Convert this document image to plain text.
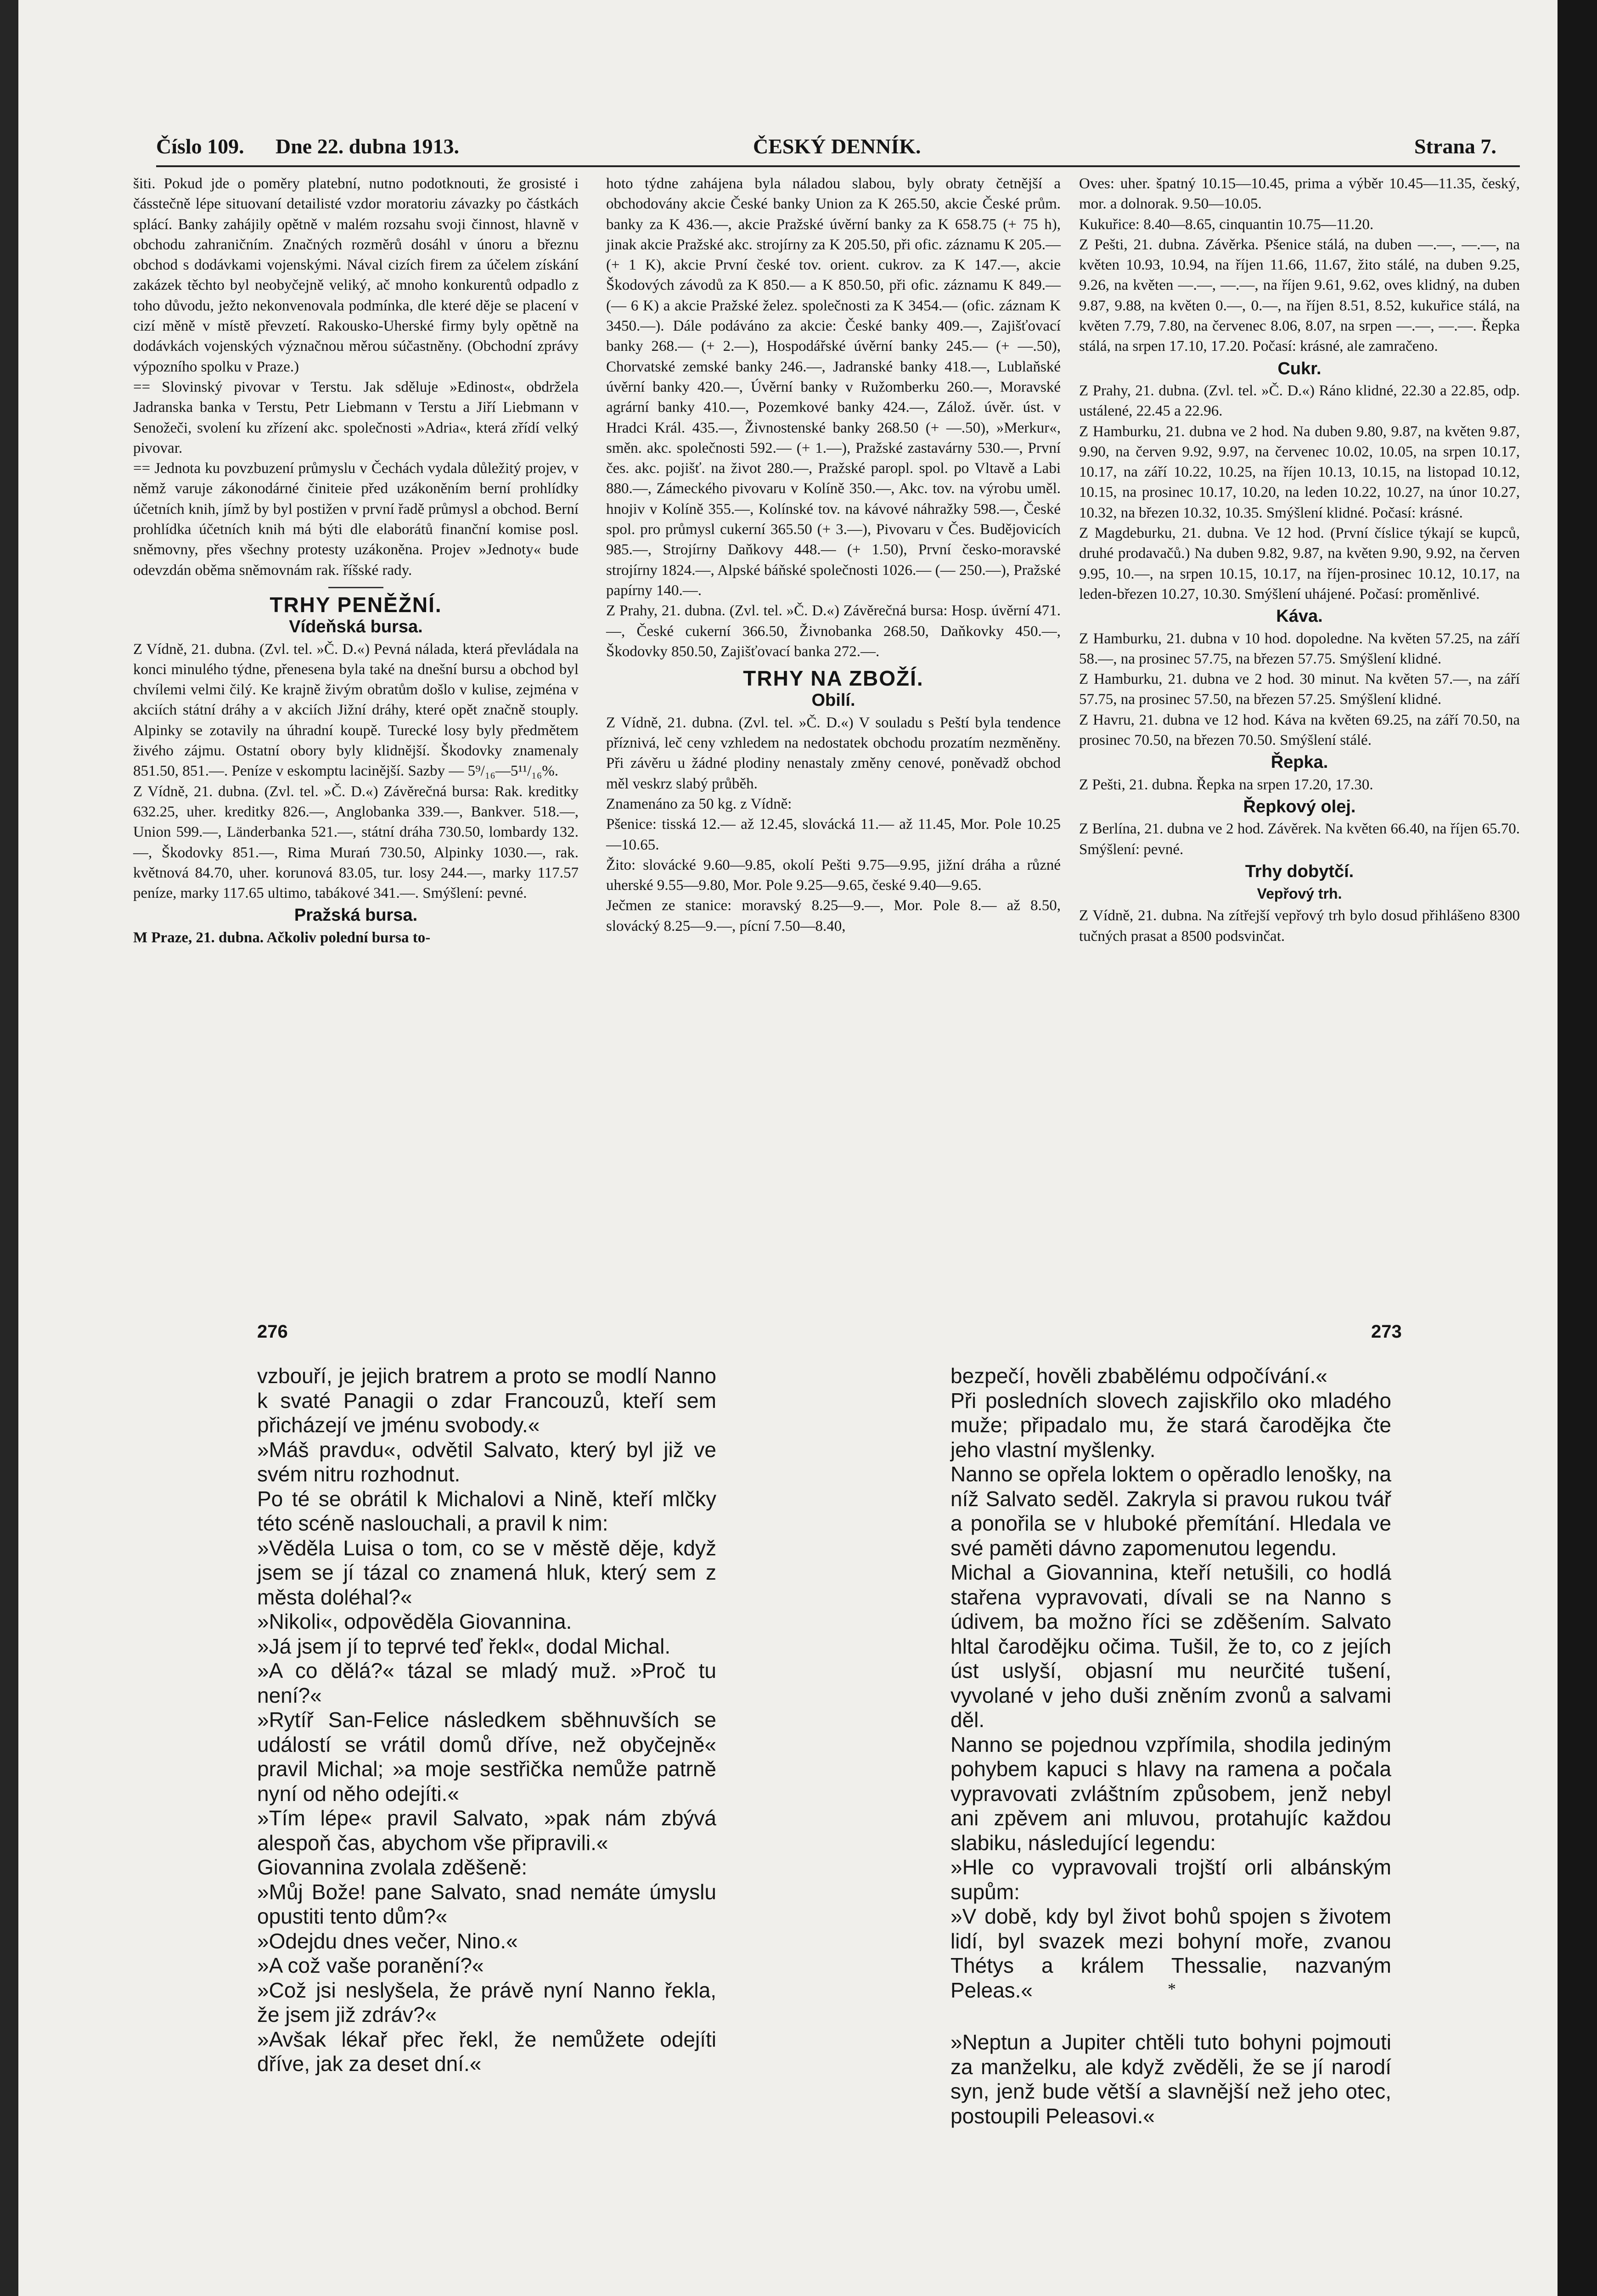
Číslo 109. Dne 22. dubna 1913.	ČESKÝ DENNÍK.	Strana 7.

šiti. Pokud jde o poměry platební, nutno podotknouti, že grosisté i čásstečně lépe situovaní detailisté vzdor moratoriu závazky po částkách splácí. Banky zahájily opětně v malém rozsahu svoji činnost, hlavně v obchodu zahraničním. Značných rozměrů dosáhl v únoru a březnu obchod s dodávkami vojenskými. Nával cizích firem za účelem získání zakázek těchto byl neobyčejně veliký, ač mnoho konkurentů odpadlo z toho důvodu, ježto nekonvenovala podmínka, dle které děje se placení v cizí měně v místě převzetí. Rakousko-Uherské firmy byly opětně na dodávkách vojenských význačnou měrou súčastněny. (Obchodní zprávy výpozního spolku v Praze.)

== Slovinský pivovar v Terstu. Jak sděluje »Edinost«, obdržela Jadranska banka v Terstu, Petr Liebmann v Terstu a Jiří Liebmann v Senožeči, svolení ku zřízení akc. společnosti »Adria«, která zřídí velký pivovar.

== Jednota ku povzbuzení průmyslu v Čechách vydala důležitý projev, v němž varuje zákonodárné činiteie před uzákoněním berní prohlídky účetních knih, jímž by byl postižen v první řadě průmysl a obchod. Berní prohlídka účetních knih má býti dle elaborátů finanční komise posl. sněmovny, přes všechny protesty uzákoněna. Projev »Jednoty« bude odevzdán oběma sněmovnám rak. říšské rady.

TRHY PENĚŽNÍ.
Vídeňská bursa.

Z Vídně, 21. dubna. (Zvl. tel. »Č. D.«) Pevná nálada, která převládala na konci minulého týdne, přenesena byla také na dnešní bursu a obchod byl chvílemi velmi čilý. Ke krajně živým obratům došlo v kulise, zejména v akciích státní dráhy a v akciích Jižní dráhy, které opět značně stouply. Alpinky se zotavily na úhradní koupě. Turecké losy byly předmětem živého zájmu. Ostatní obory byly klidnější. Škodovky znamenaly 851.50, 851.—. Peníze v eskomptu lacinější. Sazby — 5⁹/₁₆—5¹¹/₁₆%.

Z Vídně, 21. dubna. (Zvl. tel. »Č. D.«) Závěrečná bursa: Rak. kreditky 632.25, uher. kreditky 826.—, Anglobanka 339.—, Bankver. 518.—, Union 599.—, Länderbanka 521.—, státní dráha 730.50, lombardy 132.—, Škodovky 851.—, Rima Murań 730.50, Alpinky 1030.—, rak. květnová 84.70, uher. korunová 83.05, tur. losy 244.—, marky 117.57 peníze, marky 117.65 ultimo, tabákové 341.—. Smýšlení: pevné.

Pražská bursa.

M Praze, 21. dubna. Ačkoliv polední bursa to-

hoto týdne zahájena byla náladou slabou, byly obraty četnější a obchodovány akcie České banky Union za K 265.50, akcie České prům. banky za K 436.—, akcie Pražské úvěrní banky za K 658.75 (+ 75 h), jinak akcie Pražské akc. strojírny za K 205.50, při ofic. záznamu K 205.— (+ 1 K), akcie První české tov. orient. cukrov. za K 147.—, akcie Škodových závodů za K 850.— a K 850.50, při ofic. záznamu K 849.— (— 6 K) a akcie Pražské želez. společnosti za K 3454.— (ofic. záznam K 3450.—). Dále podáváno za akcie: České banky 409.—, Zajišťovací banky 268.— (+ 2.—), Hospodářské úvěrní banky 245.— (+ —.50), Chorvatské zemské banky 246.—, Jadranské banky 418.—, Lublaňské úvěrní banky 420.—, Úvěrní banky v Ružomberku 260.—, Moravské agrární banky 410.—, Pozemkové banky 424.—, Zálož. úvěr. úst. v Hradci Král. 435.—, Živnostenské banky 268.50 (+ —.50), »Merkur«, směn. akc. společnosti 592.— (+ 1.—), Pražské zastavárny 530.—, První čes. akc. pojišť. na život 280.—, Pražské paropl. spol. po Vltavě a Labi 880.—, Zámeckého pivovaru v Kolíně 350.—, Akc. tov. na výrobu uměl. hnojiv v Kolíně 355.—, Kolínské tov. na kávové náhražky 598.—, České spol. pro průmysl cukerní 365.50 (+ 3.—), Pivovaru v Čes. Budějovicích 985.—, Strojírny Daňkovy 448.— (+ 1.50), První česko-moravské strojírny 1824.—, Alpské báňské společnosti 1026.— (— 250.—), Pražské papírny 140.—.

Z Prahy, 21. dubna. (Zvl. tel. »Č. D.«) Závěrečná bursa: Hosp. úvěrní 471.—, České cukerní 366.50, Živnobanka 268.50, Daňkovky 450.—, Škodovky 850.50, Zajišťovací banka 272.—.

TRHY NA ZBOŽÍ.
Obilí.

Z Vídně, 21. dubna. (Zvl. tel. »Č. D.«) V souladu s Peští byla tendence příznivá, leč ceny vzhledem na nedostatek obchodu prozatím nezměněny. Při závěru u žádné plodiny nenastaly změny cenové, poněvadž obchod měl veskrz slabý průběh.

Znamenáno za 50 kg. z Vídně:

Pšenice: tisská 12.— až 12.45, slovácká 11.— až 11.45, Mor. Pole 10.25—10.65.

Žito: slovácké 9.60—9.85, okolí Pešti 9.75—9.95, jižní dráha a různé uherské 9.55—9.80, Mor. Pole 9.25—9.65, české 9.40—9.65.

Ječmen ze stanice: moravský 8.25—9.—, Mor. Pole 8.— až 8.50, slovácký 8.25—9.—, pícní 7.50—8.40,

Oves: uher. špatný 10.15—10.45, prima a výběr 10.45—11.35, český, mor. a dolnorak. 9.50—10.05.

Kukuřice: 8.40—8.65, cinquantin 10.75—11.20.

Z Pešti, 21. dubna. Závěrka. Pšenice stálá, na duben —.—, —.—, na květen 10.93, 10.94, na říjen 11.66, 11.67, žito stálé, na duben 9.25, 9.26, na květen —.—, —.—, na říjen 9.61, 9.62, oves klidný, na duben 9.87, 9.88, na květen 0.—, 0.—, na říjen 8.51, 8.52, kukuřice stálá, na květen 7.79, 7.80, na červenec 8.06, 8.07, na srpen —.—, —.—. Řepka stálá, na srpen 17.10, 17.20. Počasí: krásné, ale zamračeno.

Cukr.

Z Prahy, 21. dubna. (Zvl. tel. »Č. D.«) Ráno klidné, 22.30 a 22.85, odp. ustálené, 22.45 a 22.96.

Z Hamburku, 21. dubna ve 2 hod. Na duben 9.80, 9.87, na květen 9.87, 9.90, na červen 9.92, 9.97, na červenec 10.02, 10.05, na srpen 10.17, 10.17, na září 10.22, 10.25, na říjen 10.13, 10.15, na listopad 10.12, 10.15, na prosinec 10.17, 10.20, na leden 10.22, 10.27, na únor 10.27, 10.32, na březen 10.32, 10.35. Smýšlení klidné. Počasí: krásné.

Z Magdeburku, 21. dubna. Ve 12 hod. (První číslice týkají se kupců, druhé prodavačů.) Na duben 9.82, 9.87, na květen 9.90, 9.92, na červen 9.95, 10.—, na srpen 10.15, 10.17, na říjen-prosinec 10.12, 10.17, na leden-březen 10.27, 10.30. Smýšlení uhájené. Počasí: proměnlivé.

Káva.

Z Hamburku, 21. dubna v 10 hod. dopoledne. Na květen 57.25, na září 58.—, na prosinec 57.75, na březen 57.75. Smýšlení klidné.

Z Hamburku, 21. dubna ve 2 hod. 30 minut. Na květen 57.—, na září 57.75, na prosinec 57.50, na březen 57.25. Smýšlení klidné.

Z Havru, 21. dubna ve 12 hod. Káva na květen 69.25, na září 70.50, na prosinec 70.50, na březen 70.50. Smýšlení stálé.

Řepka.

Z Pešti, 21. dubna. Řepka na srpen 17.20, 17.30.

Řepkový olej.

Z Berlína, 21. dubna ve 2 hod. Závěrek. Na květen 66.40, na říjen 65.70. Smýšlení: pevné.

Trhy dobytčí.
Vepřový trh.

Z Vídně, 21. dubna. Na zítřejší vepřový trh bylo dosud přihlášeno 8300 tučných prasat a 8500 podsvinčat.

276	273

vzbouří, je jejich bratrem a proto se modlí Nanno k svaté Panagii o zdar Francouzů, kteří sem přicházejí ve jménu svobody.«

»Máš pravdu«, odvětil Salvato, který byl již ve svém nitru rozhodnut.

Po té se obrátil k Michalovi a Nině, kteří mlčky této scéně naslouchali, a pravil k nim:

»Věděla Luisa o tom, co se v městě děje, když jsem se jí tázal co znamená hluk, který sem z města doléhal?«

»Nikoli«, odpověděla Giovannina.

»Já jsem jí to teprvé teď řekl«, dodal Michal.

»A co dělá?« tázal se mladý muž. »Proč tu není?«

»Rytíř San-Felice následkem sběhnuvších se událostí se vrátil domů dříve, než obyčejně« pravil Michal; »a moje sestřička nemůže patrně nyní od něho odejíti.«

»Tím lépe« pravil Salvato, »pak nám zbývá alespoň čas, abychom vše připravili.«

Giovannina zvolala zděšeně:

»Můj Bože! pane Salvato, snad nemáte úmyslu opustiti tento dům?«

»Odejdu dnes večer, Nino.«

»A což vaše poranění?«

»Což jsi neslyšela, že právě nyní Nanno řekla, že jsem již zdráv?«

»Avšak lékař přec řekl, že nemůžete odejíti dříve, jak za deset dní.«

bezpečí, hověli zbabělému odpočívání.«

Při posledních slovech zajiskřilo oko mladého muže; připadalo mu, že stará čarodějka čte jeho vlastní myšlenky.

Nanno se opřela loktem o opěradlo lenošky, na níž Salvato seděl. Zakryla si pravou rukou tvář a ponořila se v hluboké přemítání. Hledala ve své paměti dávno zapomenutou legendu.

Michal a Giovannina, kteří netušili, co hodlá stařena vypravovati, dívali se na Nanno s údivem, ba možno říci se zděšením. Salvato hltal čarodějku očima. Tušil, že to, co z jejích úst uslyší, objasní mu neurčité tušení, vyvolané v jeho duši zněním zvonů a salvami děl.

Nanno se pojednou vzpřímila, shodila jediným pohybem kapuci s hlavy na ramena a počala vypravovati zvláštním způsobem, jenž nebyl ani zpěvem ani mluvou, protahujíc každou slabiku, následující legendu:

»Hle co vypravovali trojští orli albánským supům:

»V době, kdy byl život bohů spojen s životem lidí, byl svazek mezi bohyní moře, zvanou Thétys a králem Thessalie, nazvaným Peleas.«

»Neptun a Jupiter chtěli tuto bohyni pojmouti za manželku, ale když zvěděli, že se jí narodí syn, jenž bude větší a slavnější než jeho otec, postoupili Peleasovi.«

*
